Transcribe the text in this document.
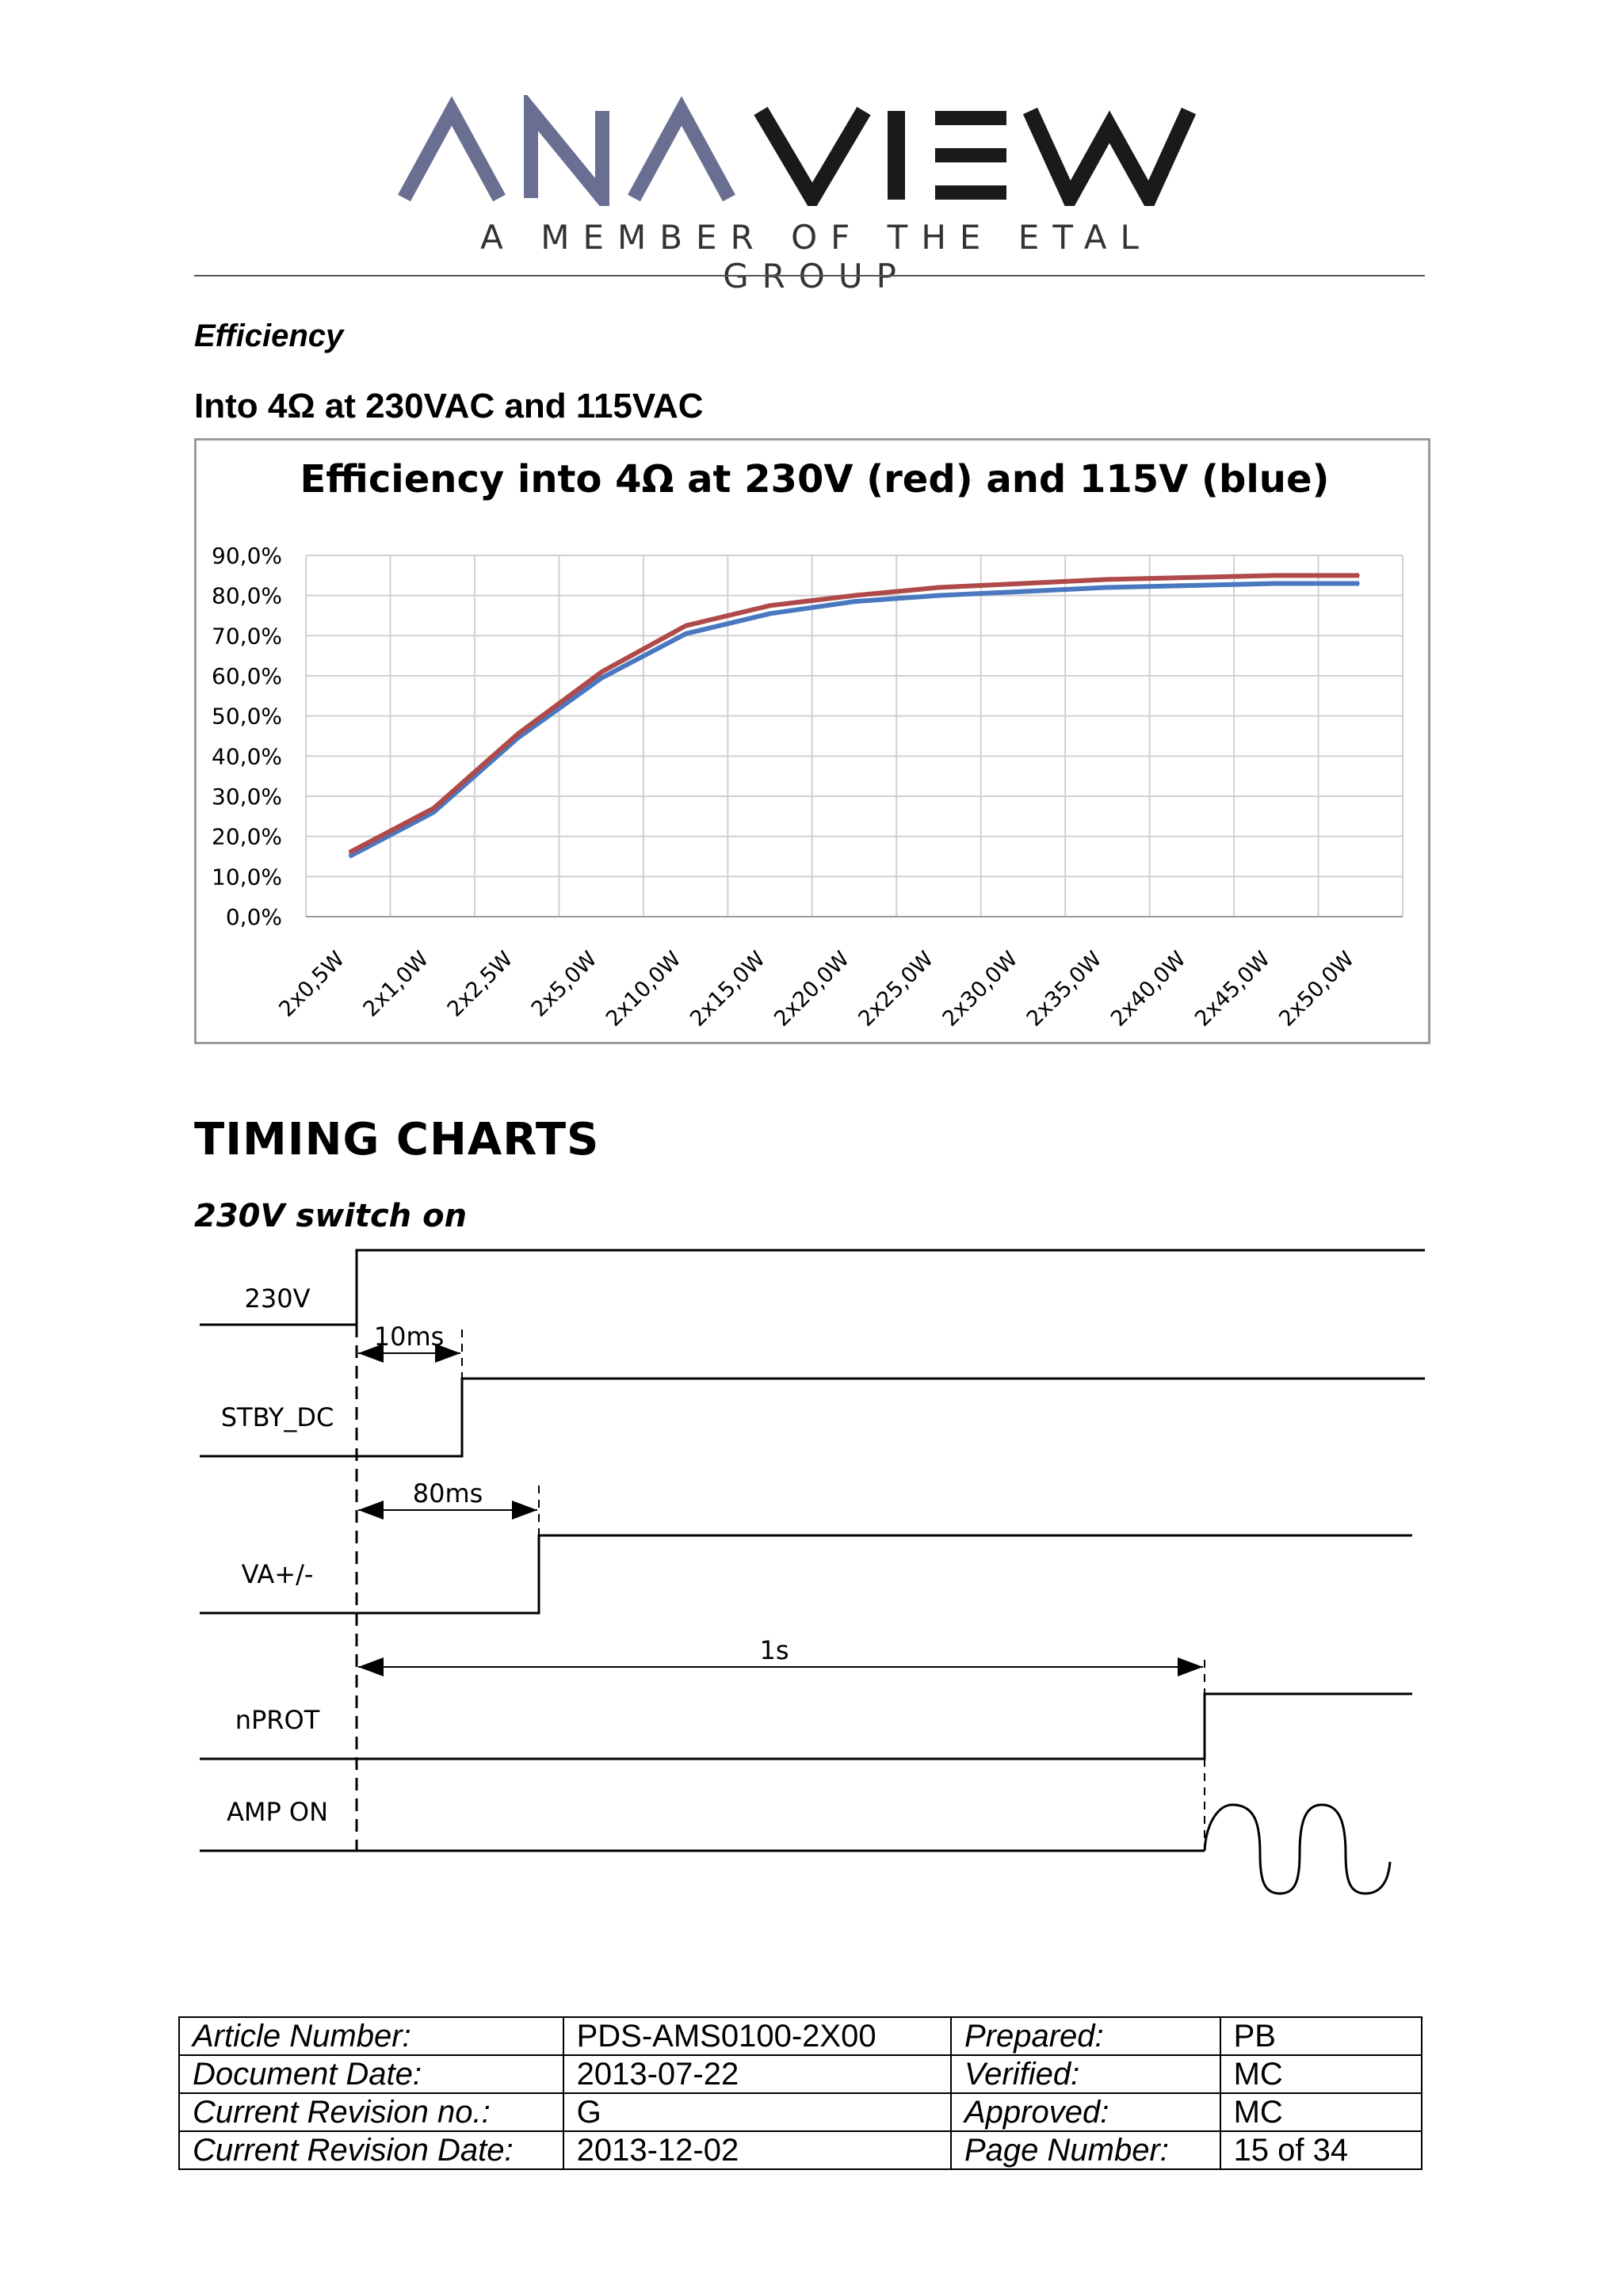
A MEMBER OF THE ETAL GROUP
Efficiency
Into 4Ω at 230VAC and 115VAC
Efficiency into 4Ω at 230V (red) and 115V (blue)
0,0%
10,0%
20,0%
30,0%
40,0%
50,0%
60,0%
70,0%
80,0%
90,0%
2x0,5W 2x1,0W 2x2,5W 2x5,0W 2x10,0W 2x15,0W 2x20,0W 2x25,0W 2x30,0W 2x35,0W 2x40,0W 2x45,0W 2x50,0W
TIMING CHARTS
230V switch on
230V
STBY_DC
VA+/-
nPROT
AMP ON
10ms
80ms
1s
Article Number:	PDS-AMS0100-2X00	Prepared:	PB
Document Date:	2013-07-22	Verified:	MC
Current Revision no.:	G	Approved:	MC
Current Revision Date:	2013-12-02	Page Number:	15 of 34
